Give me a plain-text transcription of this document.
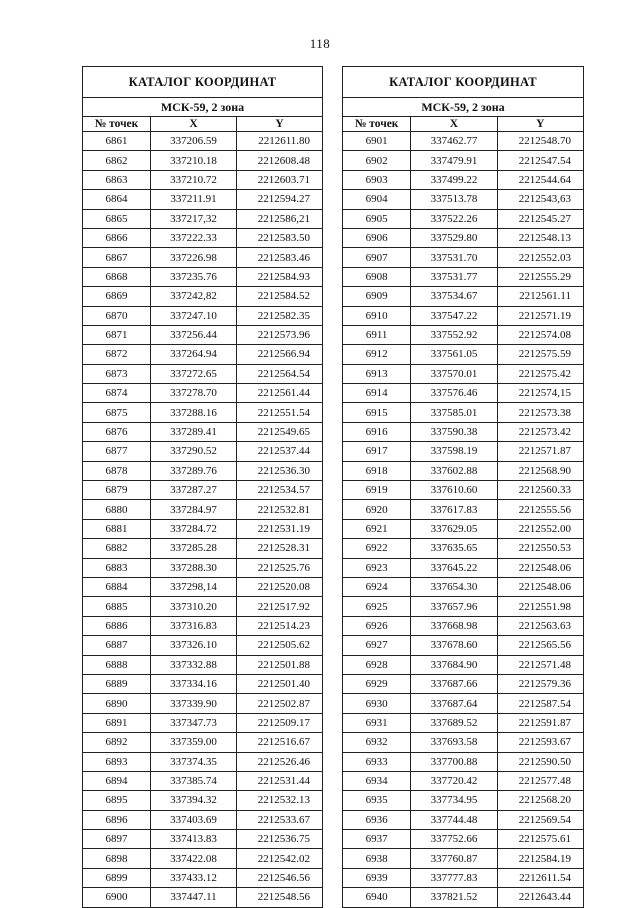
118
КАТАЛОГ КООРДИНАТ		
МСК-59, 2 зона		
№ точек	X	Y
6861	337206.59	2212611.80
6862	337210.18	2212608.48
6863	337210.72	2212603.71
6864	337211.91	2212594.27
6865	337217,32	2212586,21
6866	337222.33	2212583.50
6867	337226.98	2212583.46
6868	337235.76	2212584.93
6869	337242,82	2212584.52
6870	337247.10	2212582.35
6871	337256.44	2212573.96
6872	337264.94	2212566.94
6873	337272.65	2212564.54
6874	337278.70	2212561.44
6875	337288.16	2212551.54
6876	337289.41	2212549.65
6877	337290.52	2212537.44
6878	337289.76	2212536.30
6879	337287.27	2212534.57
6880	337284.97	2212532.81
6881	337284.72	2212531.19
6882	337285.28	2212528.31
6883	337288.30	2212525.76
6884	337298,14	2212520.08
6885	337310.20	2212517.92
6886	337316.83	2212514.23
6887	337326.10	2212505.62
6888	337332.88	2212501.88
6889	337334.16	2212501.40
6890	337339.90	2212502.87
6891	337347.73	2212509.17
6892	337359.00	2212516.67
6893	337374.35	2212526.46
6894	337385.74	2212531.44
6895	337394.32	2212532.13
6896	337403.69	2212533.67
6897	337413.83	2212536.75
6898	337422.08	2212542.02
6899	337433.12	2212546.56
6900	337447.11	2212548.56
КАТАЛОГ КООРДИНАТ		
МСК-59, 2 зона		
№ точек	X	Y
6901	337462.77	2212548.70
6902	337479.91	2212547.54
6903	337499.22	2212544.64
6904	337513.78	2212543,63
6905	337522.26	2212545.27
6906	337529.80	2212548.13
6907	337531.70	2212552.03
6908	337531.77	2212555.29
6909	337534.67	2212561.11
6910	337547.22	2212571.19
6911	337552.92	2212574.08
6912	337561.05	2212575.59
6913	337570.01	2212575.42
6914	337576.46	2212574,15
6915	337585.01	2212573.38
6916	337590.38	2212573.42
6917	337598.19	2212571.87
6918	337602.88	2212568.90
6919	337610.60	2212560.33
6920	337617.83	2212555.56
6921	337629.05	2212552.00
6922	337635.65	2212550.53
6923	337645.22	2212548.06
6924	337654.30	2212548.06
6925	337657.96	2212551.98
6926	337668.98	2212563.63
6927	337678.60	2212565.56
6928	337684.90	2212571.48
6929	337687.66	2212579.36
6930	337687.64	2212587.54
6931	337689.52	2212591.87
6932	337693.58	2212593.67
6933	337700.88	2212590.50
6934	337720.42	2212577.48
6935	337734.95	2212568.20
6936	337744.48	2212569.54
6937	337752.66	2212575.61
6938	337760.87	2212584.19
6939	337777.83	2212611.54
6940	337821.52	2212643.44
